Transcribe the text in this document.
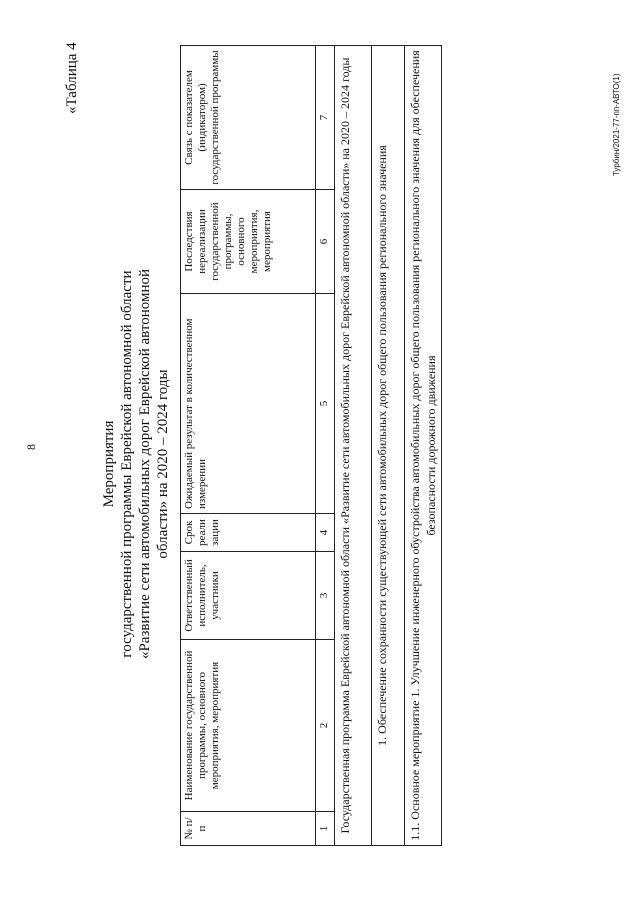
8
«Таблица 4
Мероприятия государственной программы Еврейской автономной области «Развитие сети автомобильных дорог Еврейской автономной области» на 2020 – 2024 годы
№ п/п	Наименование государственной программы, основного мероприятия, мероприятия	Ответственный исполнитель, участники	Срок реали зации	Ожидаемый результат в количественном измерении	Последствия нереализации государственной программы, основного мероприятия, мероприятия	Связь с показателем (индикатором) государственной программы
1	2	3	4	5	6	7
Государственная программа Еврейской автономной области «Развитие сети автомобильных дорог Еврейской автономной области» на 2020 – 2024 годы						
1. Обеспечение сохранности существующей сети автомобильных дорог общего пользования регионального значения						
1.1. Основное мероприятие 1. Улучшение инженерного обустройства автомобильных дорог общего пользования регионального значения для обеспечения безопасности дорожного движения						
Турбин/2021-77-пп-АВТО(1)
